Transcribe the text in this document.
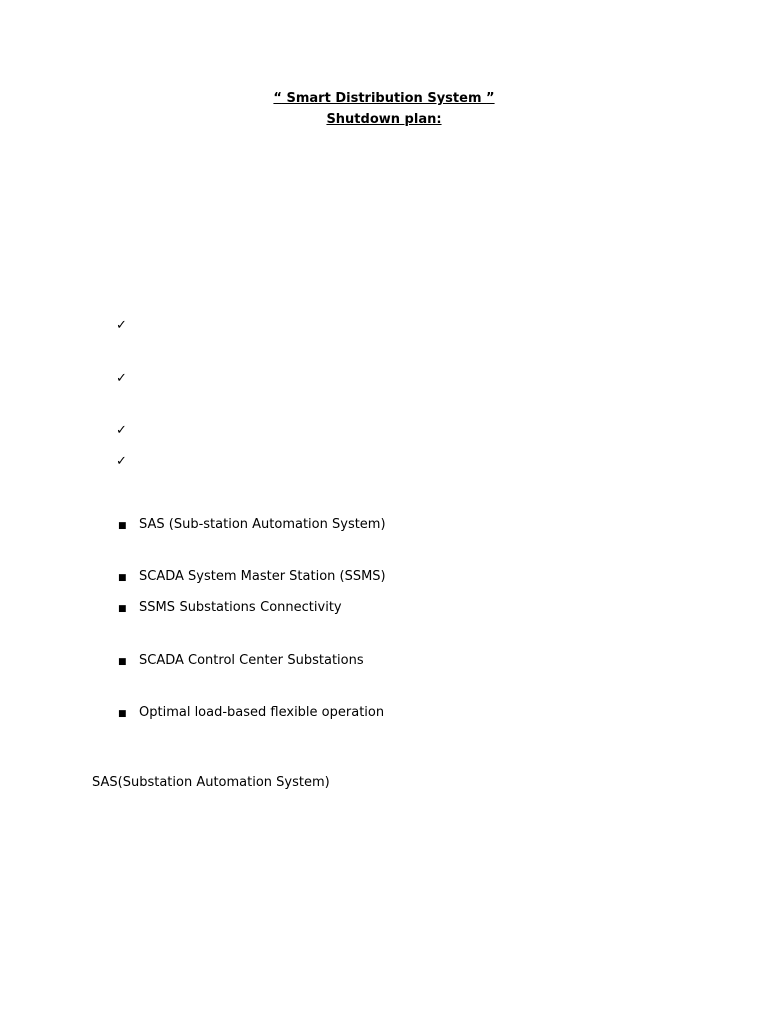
“ Smart Distribution System ”
Shutdown plan:
✓
✓
✓
✓
■ SAS (Sub-station Automation System)
■ SCADA System Master Station (SSMS)
■ SSMS Substations Connectivity
■ SCADA Control Center Substations
■ Optimal load-based flexible operation
SAS(Substation Automation System)
